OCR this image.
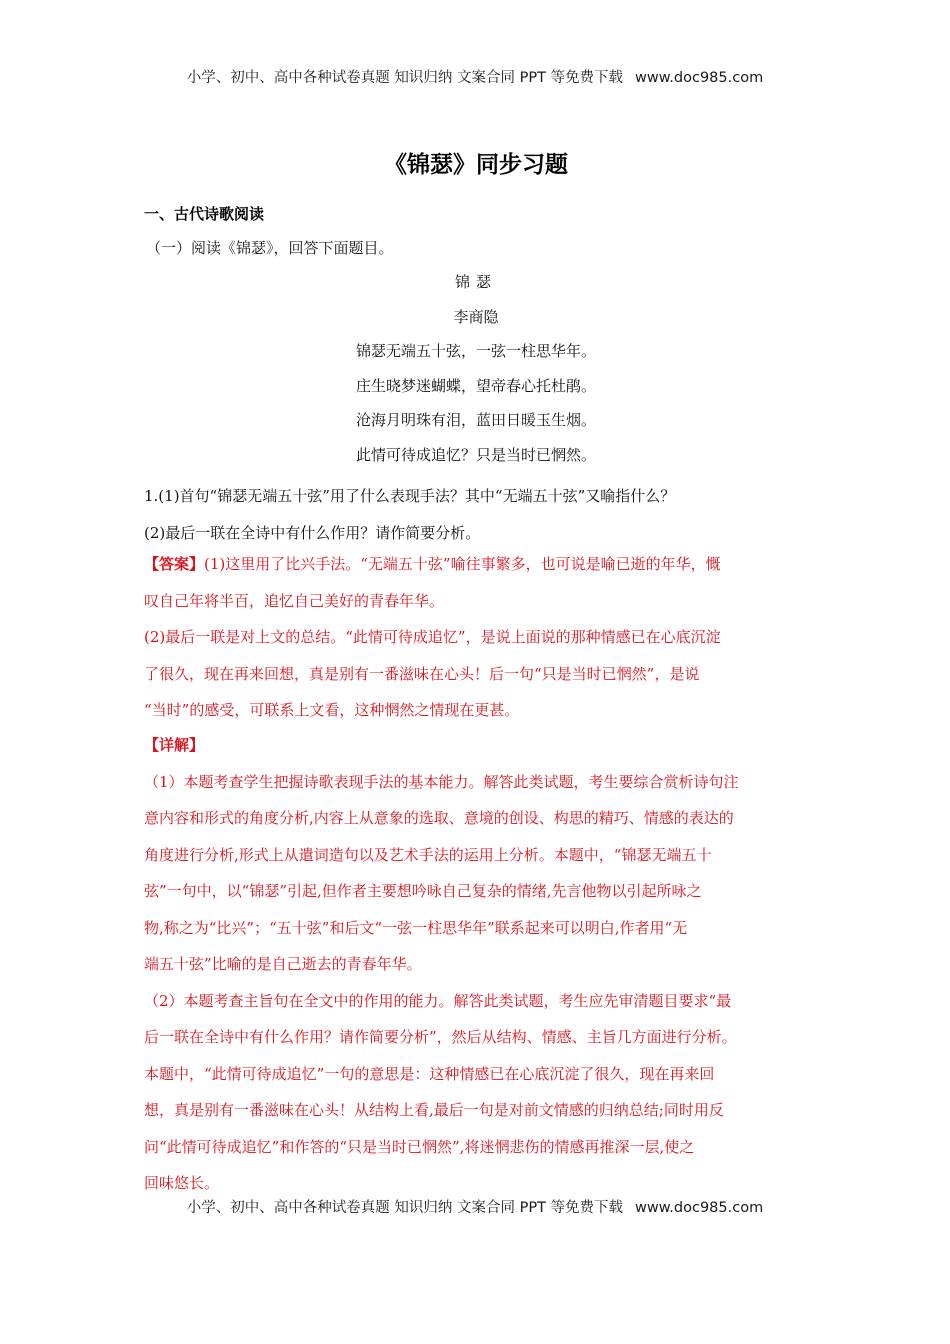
小学、初中、高中各种试卷真题 知识归纳 文案合同 PPT 等免费下载 www.doc985.com
《锦瑟》同步习题
一、古代诗歌阅读
（一）阅读《锦瑟》，回答下面题目。
锦瑟
李商隐
锦瑟无端五十弦，一弦一柱思华年。
庄生晓梦迷蝴蝶，望帝春心托杜鹃。
沧海月明珠有泪，蓝田日暖玉生烟。
此情可待成追忆？只是当时已惘然。

1.(1)首句“锦瑟无端五十弦”用了什么表现手法？其中“无端五十弦”又喻指什么？

(2)最后一联在全诗中有什么作用？请作简要分析。

【答案】(1)这里用了比兴手法。“无端五十弦”喻往事繁多，也可说是喻已逝的年华，慨

叹自己年将半百，追忆自己美好的青春年华。

(2)最后一联是对上文的总结。“此情可待成追忆”，是说上面说的那种情感已在心底沉淀

了很久，现在再来回想，真是别有一番滋味在心头！后一句“只是当时已惘然”，是说

“当时”的感受，可联系上文看，这种惘然之情现在更甚。

【详解】

（1）本题考查学生把握诗歌表现手法的基本能力。解答此类试题，考生要综合赏析诗句注

意内容和形式的角度分析,内容上从意象的选取、意境的创设、构思的精巧、情感的表达的

角度进行分析,形式上从遣词造句以及艺术手法的运用上分析。本题中，“锦瑟无端五十

弦”一句中，以“锦瑟”引起,但作者主要想吟咏自己复杂的情绪,先言他物以引起所咏之

物,称之为“比兴”；“五十弦”和后文“一弦一柱思华年”联系起来可以明白,作者用“无

端五十弦”比喻的是自己逝去的青春年华。

（2）本题考查主旨句在全文中的作用的能力。解答此类试题，考生应先审清题目要求“最

后一联在全诗中有什么作用？请作简要分析”，然后从结构、情感、主旨几方面进行分析。

本题中，“此情可待成追忆”一句的意思是：这种情感已在心底沉淀了很久，现在再来回

想，真是别有一番滋味在心头！从结构上看,最后一句是对前文情感的归纳总结;同时用反

问“此情可待成追忆”和作答的“只是当时已惘然”,将迷惘悲伤的情感再推深一层,使之

回味悠长。

小学、初中、高中各种试卷真题 知识归纳 文案合同 PPT 等免费下载 www.doc985.com
